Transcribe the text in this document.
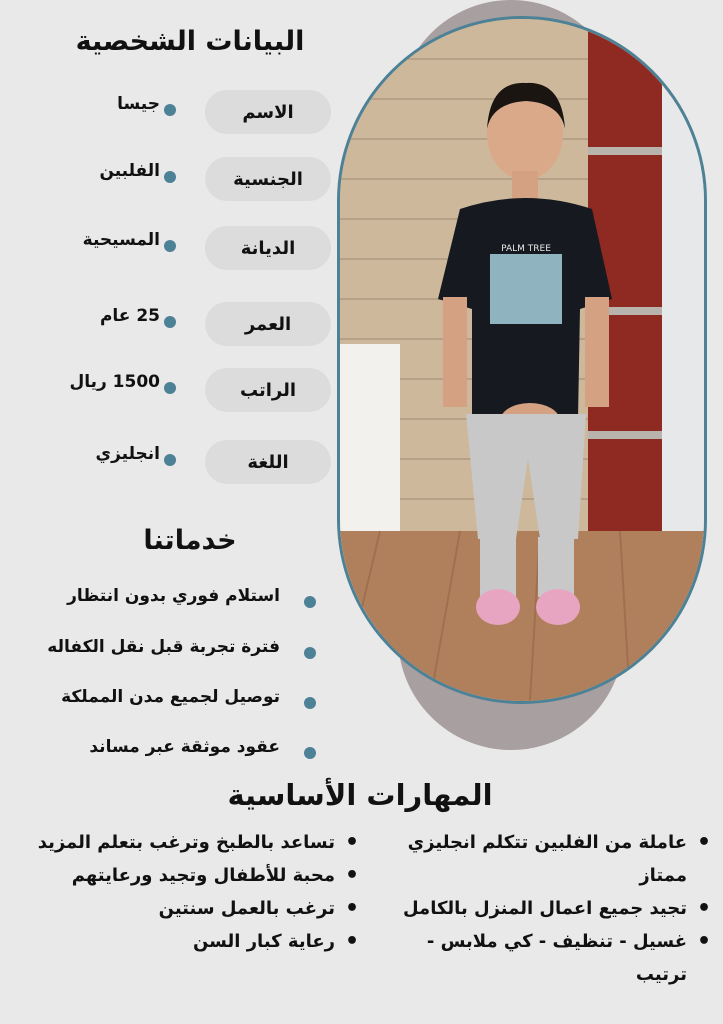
PALM TREE
البيانات الشخصية
الاسم
جيسا
الجنسية
الفلبين
الديانة
المسيحية
العمر
25 عام
الراتب
1500 ريال
اللغة
انجليزي
خدماتنا
استلام فوري بدون انتظار
فترة تجربة قبل نقل الكفاله
توصيل لجميع مدن المملكة
عقود موثقة عبر مساند
المهارات الأساسية
• عاملة من الفلبين تتكلم انجليزي ممتاز
• تجيد جميع اعمال المنزل بالكامل
• غسيل - تنظيف - كي ملابس - ترتيب
• تساعد بالطبخ وترغب بتعلم المزيد
• محبة للأطفال وتجيد ورعايتهم
• ترغب بالعمل سنتين
• رعاية كبار السن
